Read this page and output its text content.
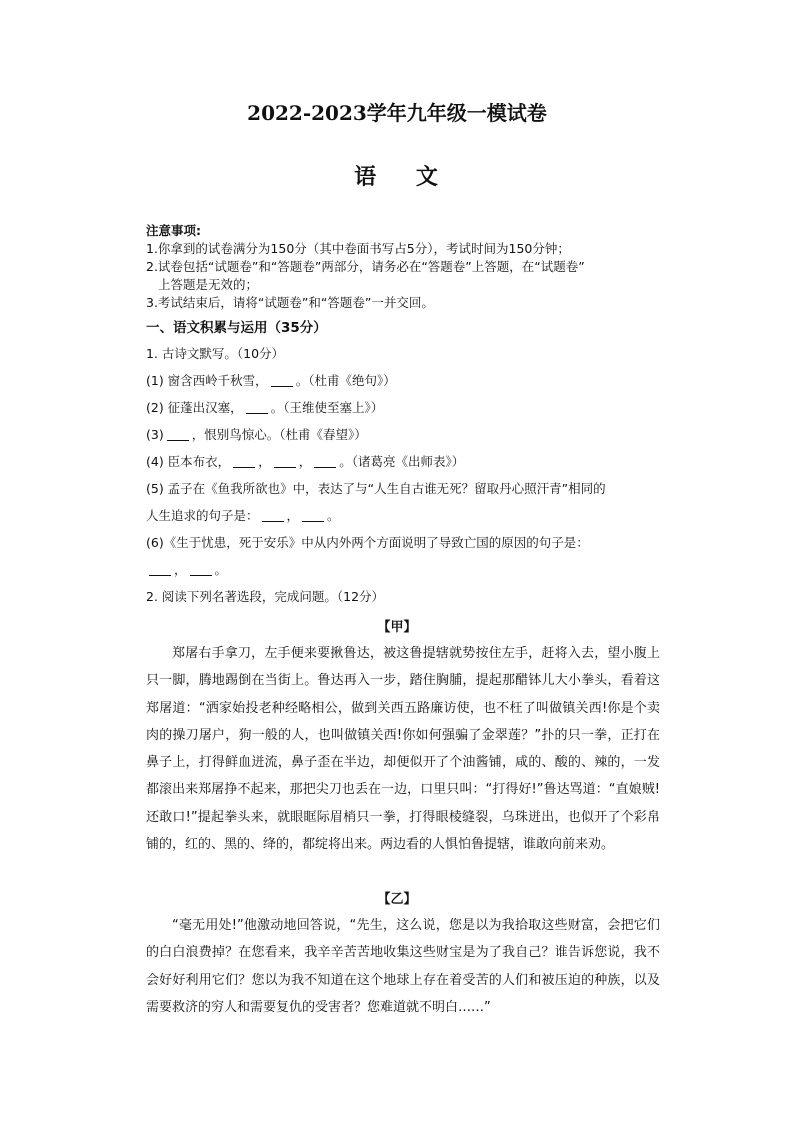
2022-2023学年九年级一模试卷
语 文
注意事项:
1.你拿到的试卷满分为150分（其中卷面书写占5分），考试时间为150分钟；
2.试卷包括“试题卷”和“答题卷”两部分，请务必在“答题卷”上答题，在“试题卷”
上答题是无效的；
3.考试结束后，请将“试题卷”和“答题卷”一并交回。
一、语文积累与运用（35分）
1. 古诗文默写。（10分）
(1) 窗含西岭千秋雪， 。（杜甫《绝句》）
(2) 征蓬出汉塞， 。（王维使至塞上》）
(3) ，恨别鸟惊心。（杜甫《春望》）
(4) 臣本布衣， ， ， 。（诸葛亮《出师表》）
(5) 孟子在《鱼我所欲也》中，表达了与“人生自古谁无死？留取丹心照汗青”相同的
人生追求的句子是： ， 。
(6)《生于忧患，死于安乐》中从内外两个方面说明了导致亡国的原因的句子是：
， 。
2. 阅读下列名著选段，完成问题。（12分）
【甲】
郑屠右手拿刀，左手便来要揪鲁达，被这鲁提辖就势按住左手，赶将入去，望小腹上只一脚，腾地踢倒在当街上。鲁达再入一步，踏住胸脯，提起那醋钵儿大小拳头，看着这郑屠道：“洒家始投老种经略相公，做到关西五路廉访使，也不枉了叫做镇关西!你是个卖肉的操刀屠户，狗一般的人，也叫做镇关西!你如何强骗了金翠莲？”扑的只一拳，正打在鼻子上，打得鲜血迸流，鼻子歪在半边，却便似开了个油酱铺，咸的、酸的、辣的，一发都滚出来郑屠挣不起来，那把尖刀也丢在一边，口里只叫：“打得好!”鲁达骂道：“直娘贼!还敢口!”提起拳头来，就眼眶际眉梢只一拳，打得眼棱缝裂，乌珠迸出，也似开了个彩帛铺的，红的、黑的、绛的，都绽将出来。两边看的人惧怕鲁提辖，谁敢向前来劝。
【乙】
“毫无用处!”他激动地回答说，“先生，这么说，您是以为我拾取这些财富，会把它们的白白浪费掉？在您看来，我辛辛苦苦地收集这些财宝是为了我自己？谁告诉您说，我不会好好利用它们？您以为我不知道在这个地球上存在着受苦的人们和被压迫的种族，以及需要救济的穷人和需要复仇的受害者？您难道就不明白……”
